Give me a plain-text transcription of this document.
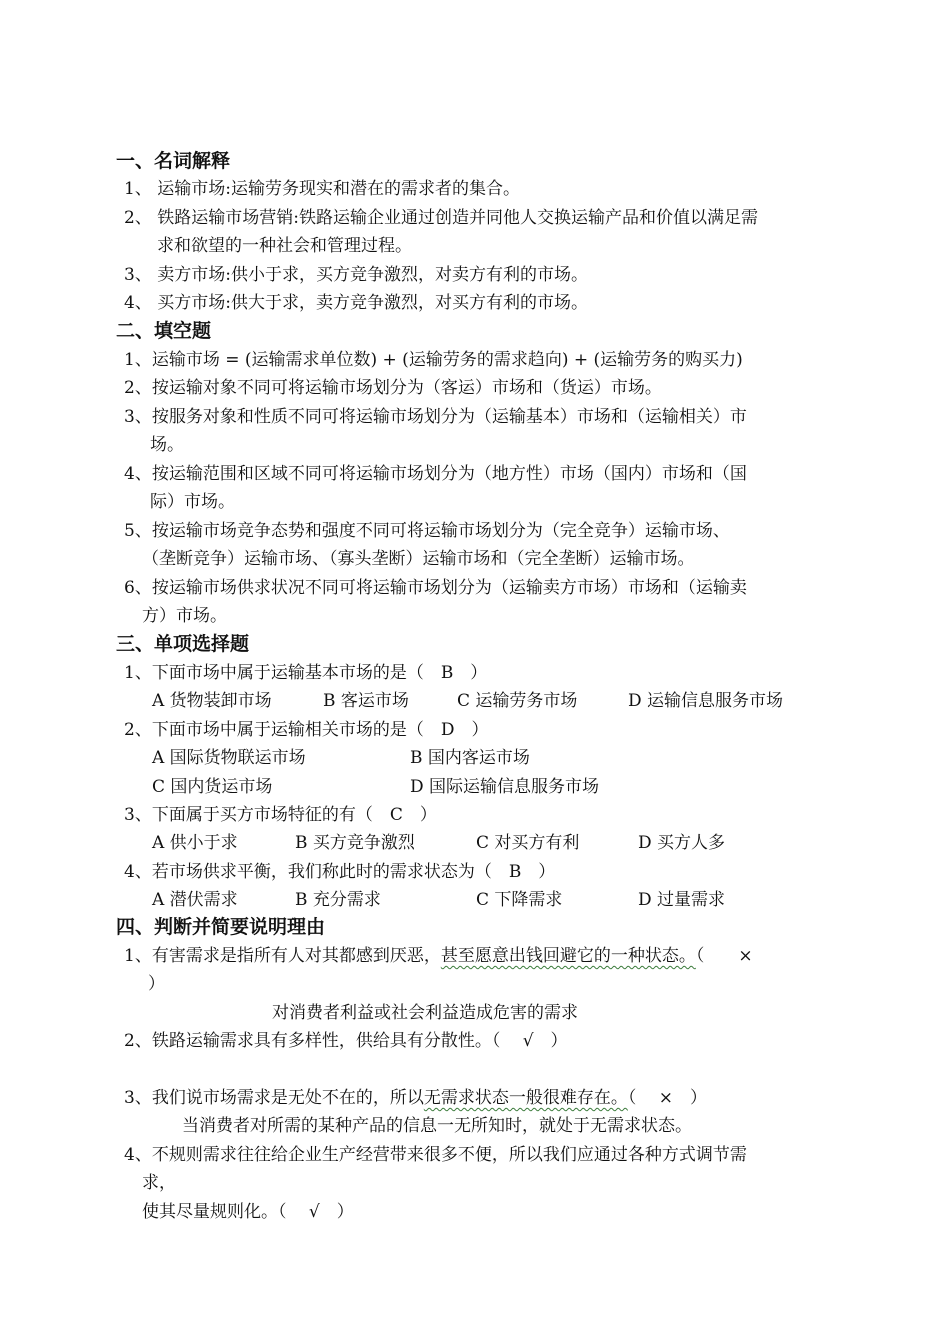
一、名词解释
1、 运输市场:运输劳务现实和潜在的需求者的集合。
2、 铁路运输市场营销:铁路运输企业通过创造并同他人交换运输产品和价值以满足需
求和欲望的一种社会和管理过程。
3、 卖方市场:供小于求，买方竞争激烈，对卖方有利的市场。
4、 买方市场:供大于求，卖方竞争激烈，对买方有利的市场。
二、填空题
1、运输市场 = (运输需求单位数) + (运输劳务的需求趋向) + (运输劳务的购买力)
2、按运输对象不同可将运输市场划分为（客运）市场和（货运）市场。
3、按服务对象和性质不同可将运输市场划分为（运输基本）市场和（运输相关）市
场。
4、按运输范围和区域不同可将运输市场划分为（地方性）市场（国内）市场和（国
际）市场。
5、按运输市场竞争态势和强度不同可将运输市场划分为（完全竞争）运输市场、
（垄断竞争）运输市场、（寡头垄断）运输市场和（完全垄断）运输市场。
6、按运输市场供求状况不同可将运输市场划分为（运输卖方市场）市场和（运输卖
方）市场。
三、单项选择题
1、下面市场中属于运输基本市场的是（　B　）
A 货物装卸市场	B 客运市场	C 运输劳务市场	D 运输信息服务市场
2、下面市场中属于运输相关市场的是（　D　）
A 国际货物联运市场	B 国内客运市场
C 国内货运市场	D 国际运输信息服务市场
3、下面属于买方市场特征的有（　C　）
A 供小于求	B 买方竞争激烈	C 对买方有利	D 买方人多
4、若市场供求平衡，我们称此时的需求状态为（　B　）
A 潜伏需求	B 充分需求	C 下降需求	D 过量需求
四、判断并简要说明理由
1、有害需求是指所有人对其都感到厌恶，甚至愿意出钱回避它的一种状态。（　　×
）
对消费者利益或社会利益造成危害的需求
2、铁路运输需求具有多样性，供给具有分散性。（　 √　）
3、我们说市场需求是无处不在的，所以无需求状态一般很难存在。（　 ×　）
当消费者对所需的某种产品的信息一无所知时，就处于无需求状态。
4、不规则需求往往给企业生产经营带来很多不便，所以我们应通过各种方式调节需
求，
使其尽量规则化。（　 √　）
